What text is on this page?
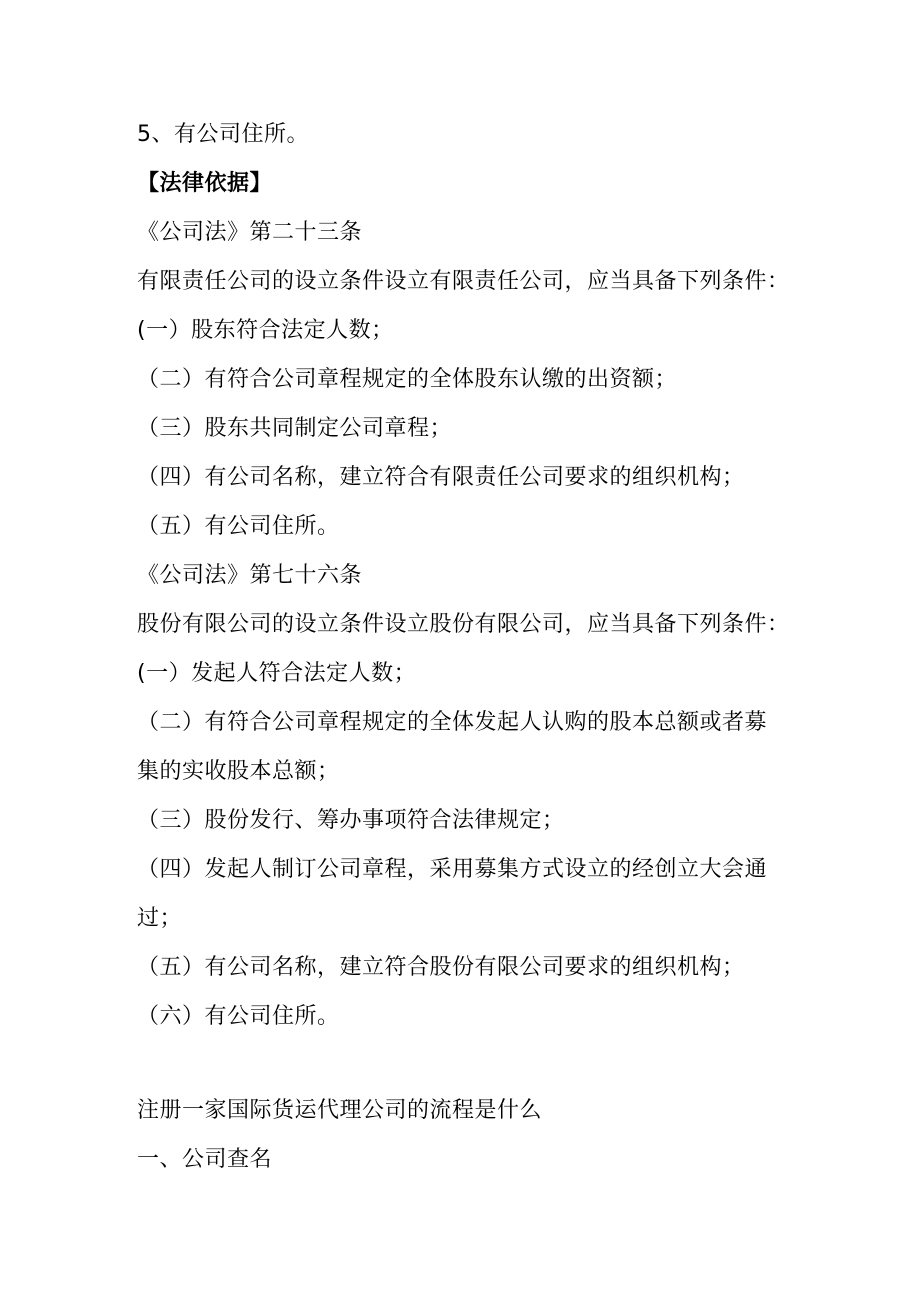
5、有公司住所。
【法律依据】
《公司法》第二十三条
有限责任公司的设立条件设立有限责任公司，应当具备下列条件：
(一）股东符合法定人数；
（二）有符合公司章程规定的全体股东认缴的出资额；
（三）股东共同制定公司章程；
（四）有公司名称，建立符合有限责任公司要求的组织机构；
（五）有公司住所。
《公司法》第七十六条
股份有限公司的设立条件设立股份有限公司，应当具备下列条件：
(一）发起人符合法定人数；
（二）有符合公司章程规定的全体发起人认购的股本总额或者募
集的实收股本总额；
（三）股份发行、筹办事项符合法律规定；
（四）发起人制订公司章程，采用募集方式设立的经创立大会通
过；
（五）有公司名称，建立符合股份有限公司要求的组织机构；
（六）有公司住所。
注册一家国际货运代理公司的流程是什么
一、公司查名
